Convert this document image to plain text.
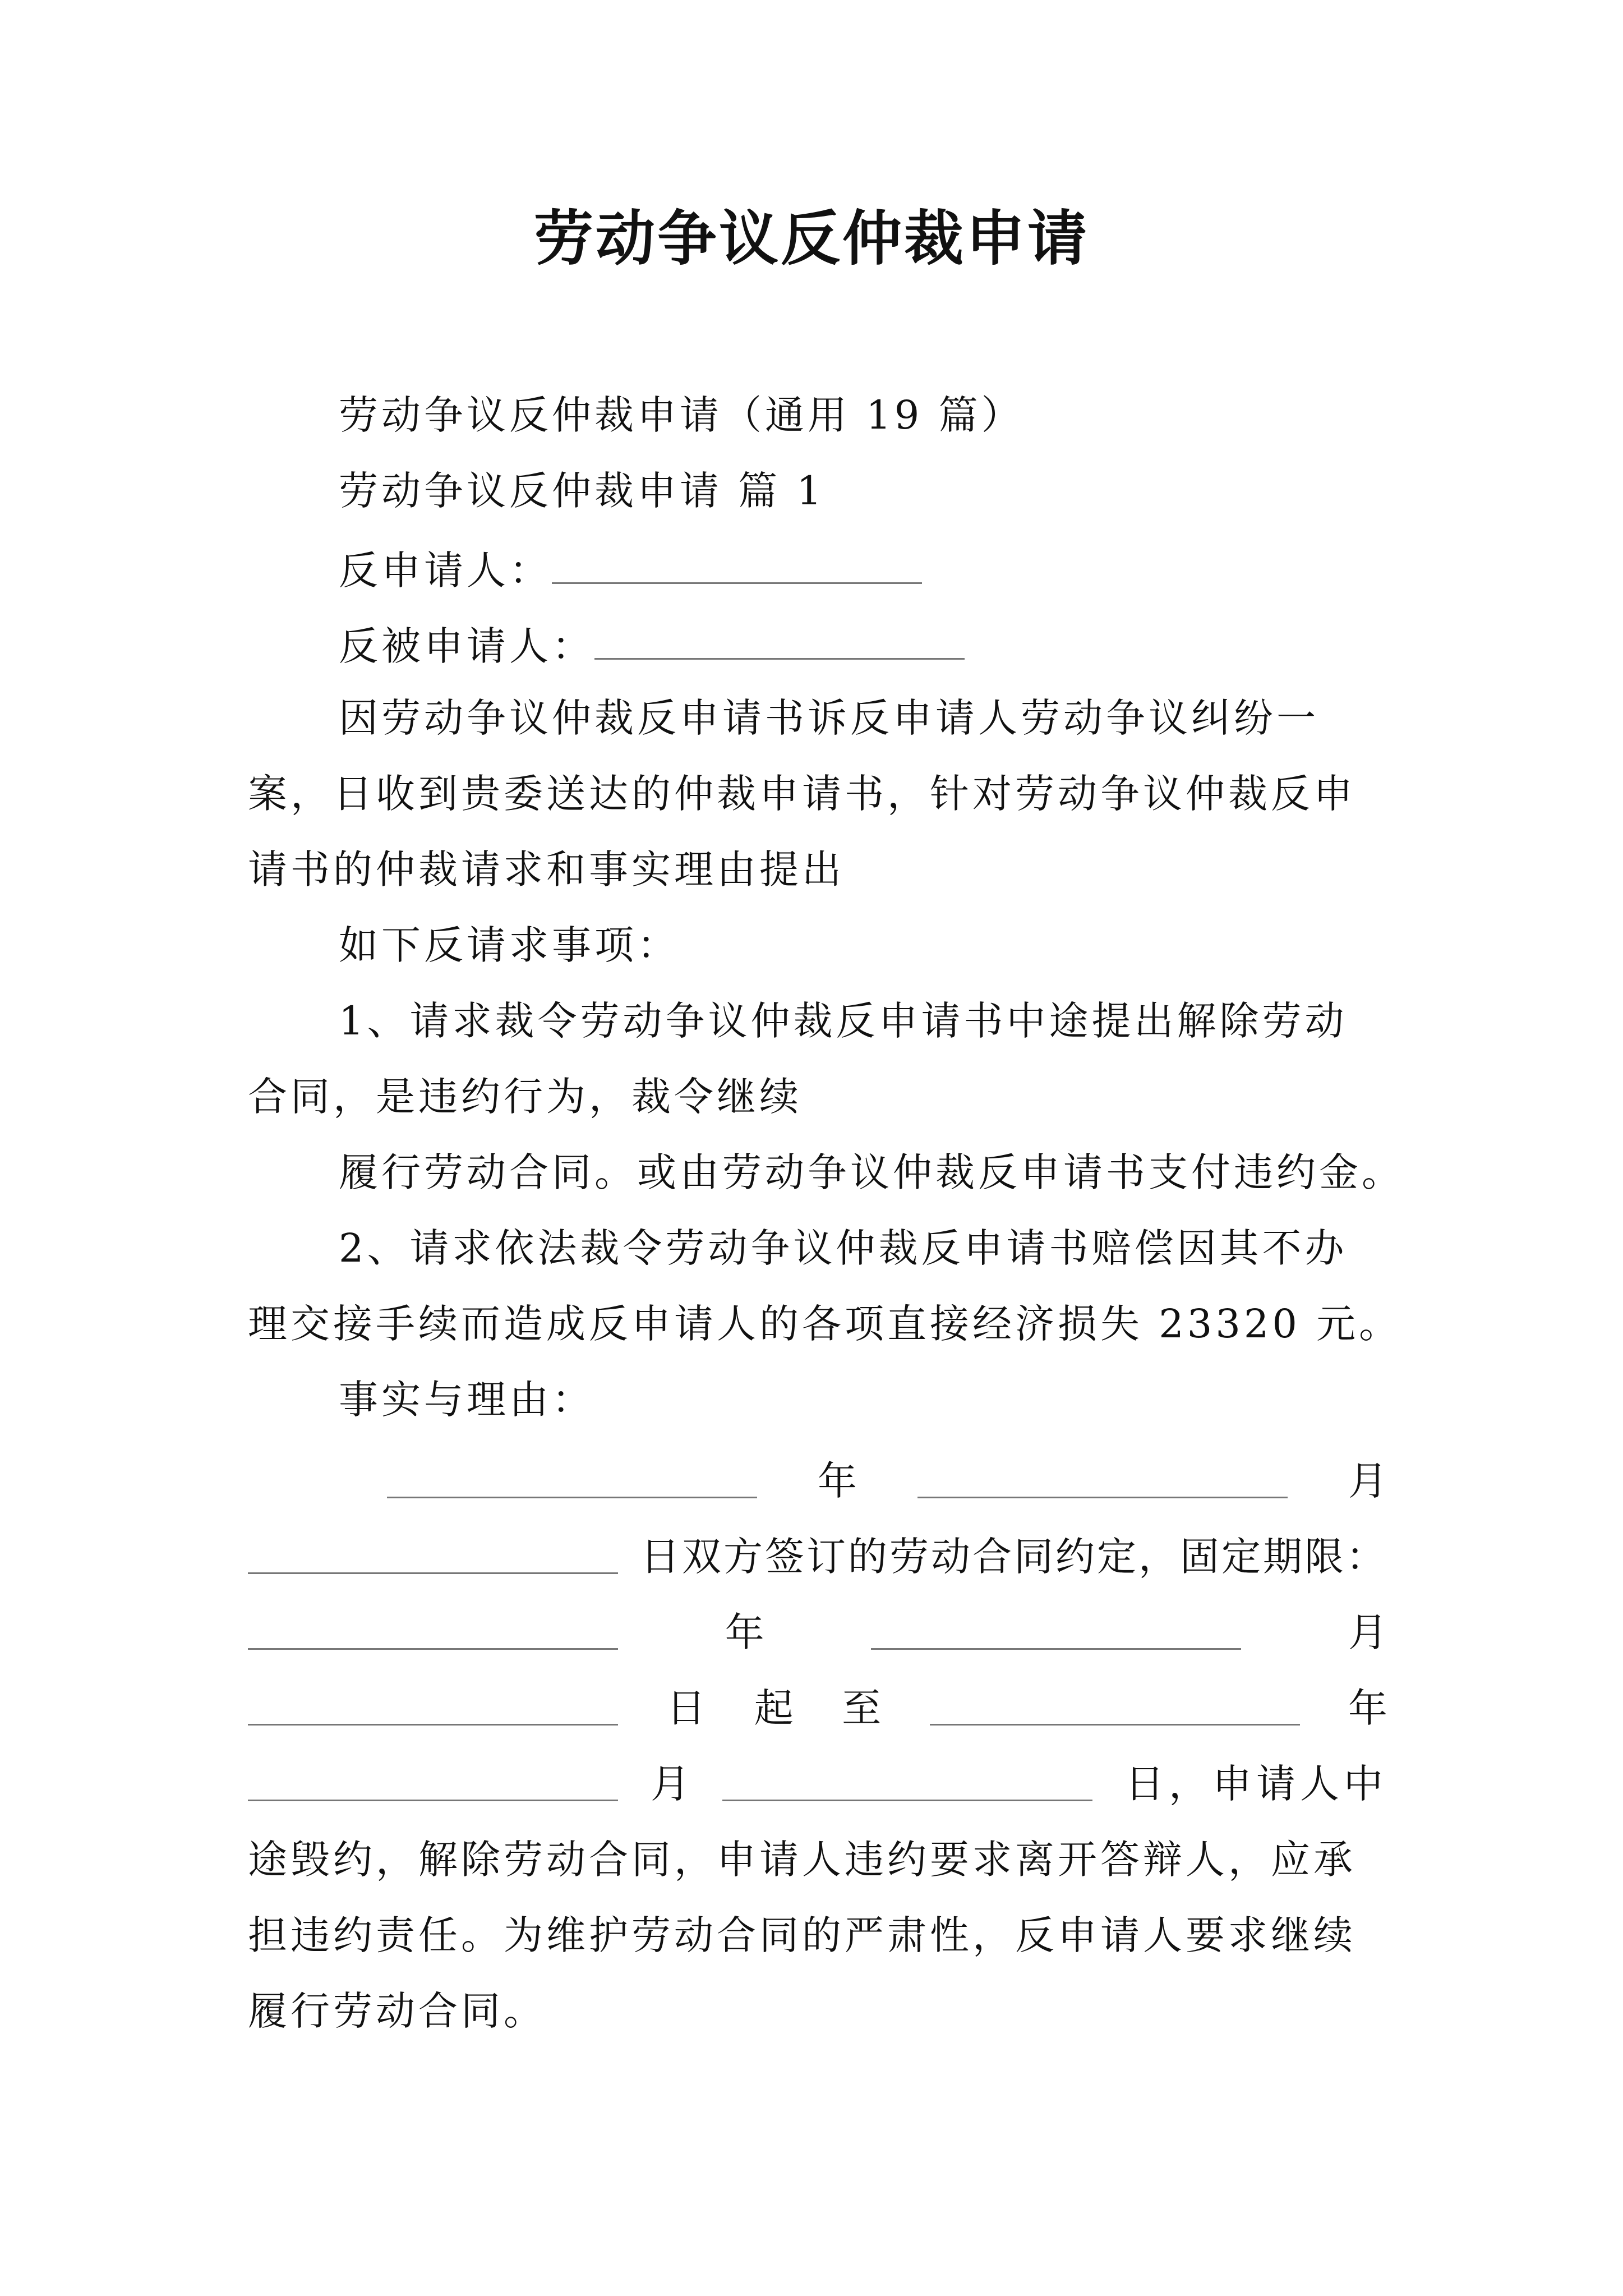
劳动争议反仲裁申请
劳动争议反仲裁申请（通用 19 篇）
劳动争议反仲裁申请 篇 1
反申请人：
反被申请人：
因劳动争议仲裁反申请书诉反申请人劳动争议纠纷一
案，日收到贵委送达的仲裁申请书，针对劳动争议仲裁反申
请书的仲裁请求和事实理由提出
如下反请求事项：
1、请求裁令劳动争议仲裁反申请书中途提出解除劳动
合同，是违约行为，裁令继续
履行劳动合同。或由劳动争议仲裁反申请书支付违约金。
2、请求依法裁令劳动争议仲裁反申请书赔偿因其不办
理交接手续而造成反申请人的各项直接经济损失 23320 元。
事实与理由：
年	月
日双方签订的劳动合同约定，固定期限：
年	月
日 起 至	年
月	日，申请人中
途毁约，解除劳动合同，申请人违约要求离开答辩人，应承
担违约责任。为维护劳动合同的严肃性，反申请人要求继续
履行劳动合同。
